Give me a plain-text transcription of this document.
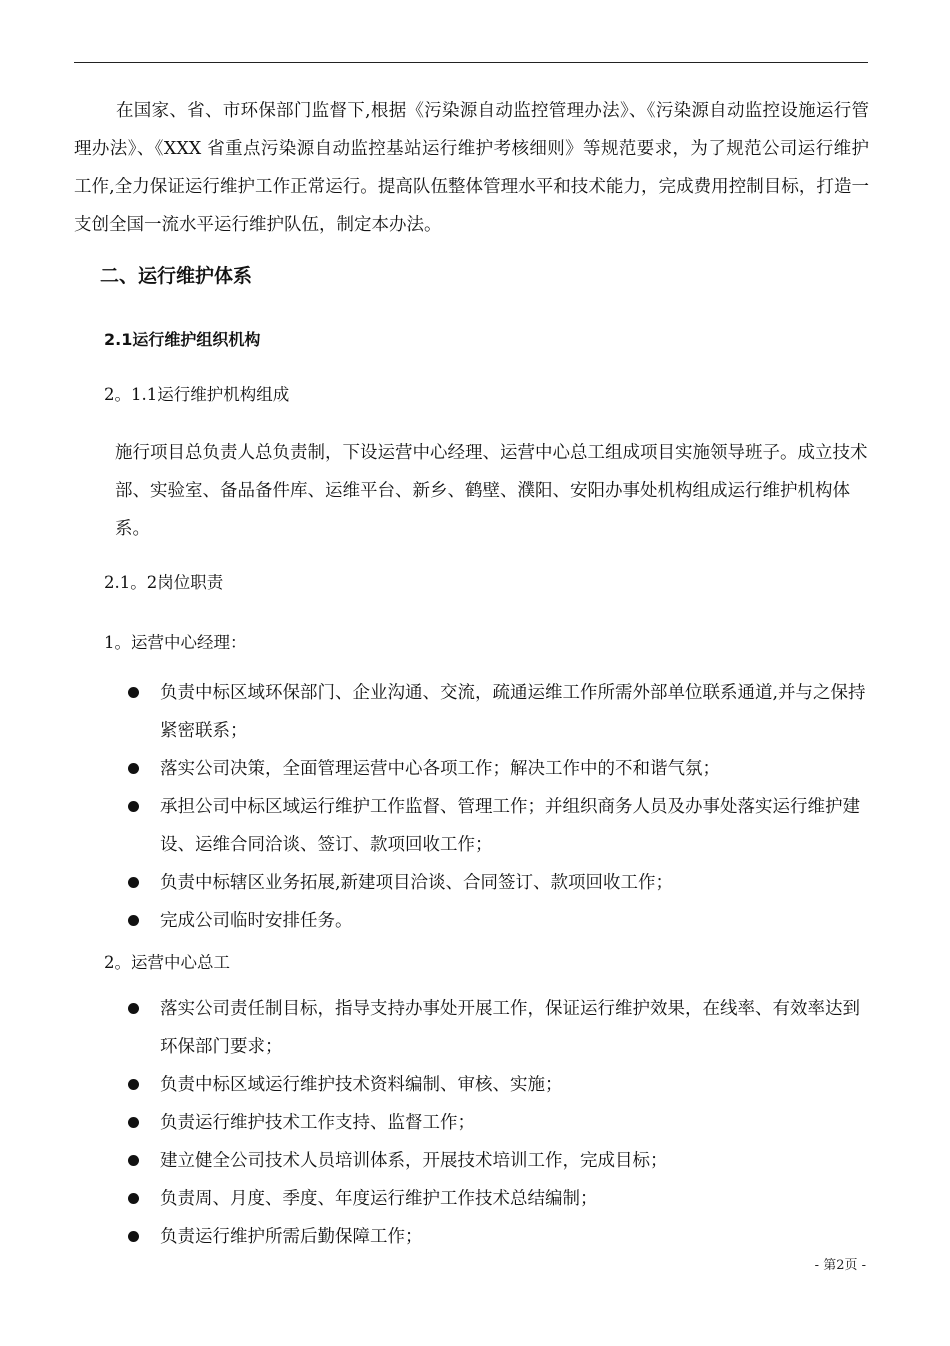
在国家、省、市环保部门监督下,根据《污染源自动监控管理办法》、《污染源自动监控设施运行管理办法》、《XXX 省重点污染源自动监控基站运行维护考核细则》等规范要求，为了规范公司运行维护工作,全力保证运行维护工作正常运行。提高队伍整体管理水平和技术能力，完成费用控制目标，打造一支创全国一流水平运行维护队伍，制定本办法。

二、运行维护体系
2.1运行维护组织机构

2。1.1运行维护机构组成

施行项目总负责人总负责制，下设运营中心经理、运营中心总工组成项目实施领导班子。成立技术部、实验室、备品备件库、运维平台、新乡、鹤壁、濮阳、安阳办事处机构组成运行维护机构体系。

2.1。2岗位职责

1。运营中心经理：

负责中标区域环保部门、企业沟通、交流，疏通运维工作所需外部单位联系通道,并与之保持紧密联系；
落实公司决策，全面管理运营中心各项工作；解决工作中的不和谐气氛；
承担公司中标区域运行维护工作监督、管理工作；并组织商务人员及办事处落实运行维护建设、运维合同洽谈、签订、款项回收工作；
负责中标辖区业务拓展,新建项目洽谈、合同签订、款项回收工作；
完成公司临时安排任务。

2。运营中心总工

落实公司责任制目标，指导支持办事处开展工作，保证运行维护效果，在线率、有效率达到环保部门要求；
负责中标区域运行维护技术资料编制、审核、实施；
负责运行维护技术工作支持、监督工作；
建立健全公司技术人员培训体系，开展技术培训工作，完成目标；
负责周、月度、季度、年度运行维护工作技术总结编制；
负责运行维护所需后勤保障工作；
- 第2页 -
